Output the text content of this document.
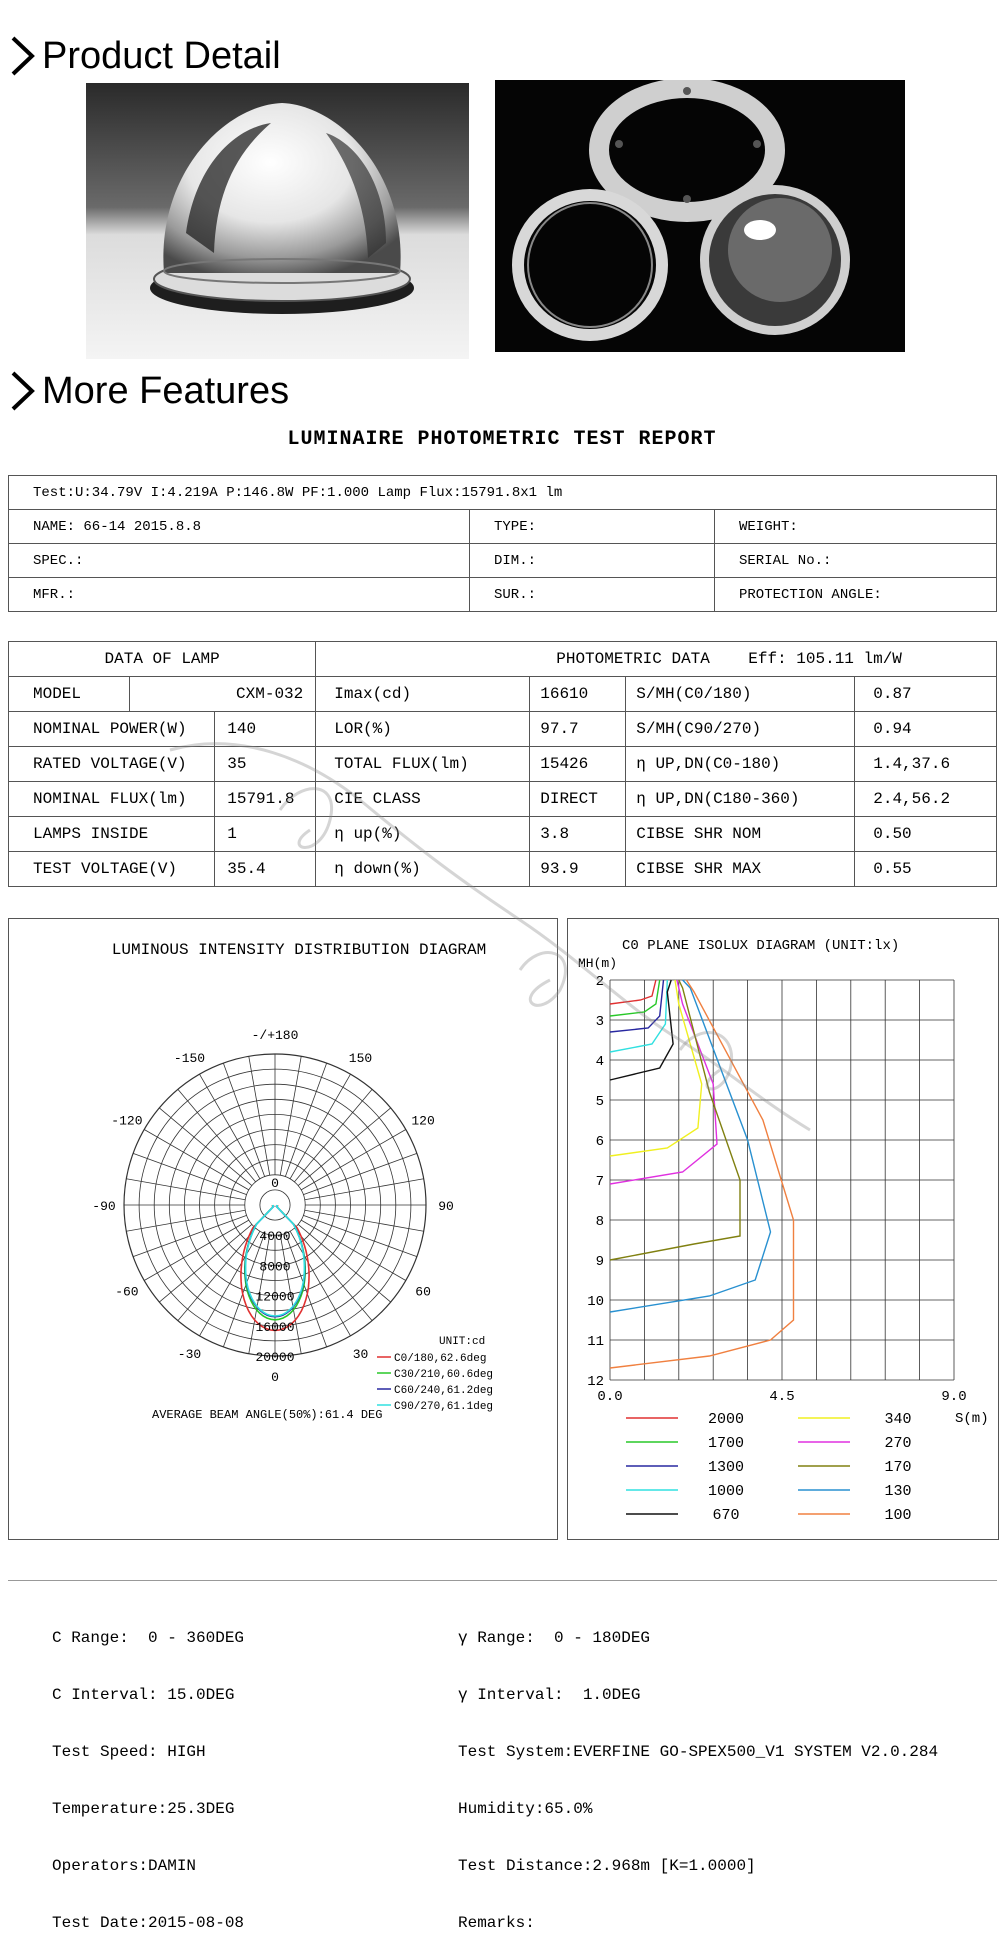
Product Detail
More Features
LUMINAIRE PHOTOMETRIC TEST REPORT
Test:U:34.79V I:4.219A P:146.8W PF:1.000 Lamp Flux:15791.8x1 lm		
NAME: 66-14 2015.8.8	TYPE:	WEIGHT:
SPEC.:	DIM.:	SERIAL No.:
MFR.:	SUR.:	PROTECTION ANGLE:
DATA OF LAMP			PHOTOMETRIC DATA Eff: 105.11 lm/W			
MODEL	CXM-032		Imax(cd)	16610	S/MH(C0/180)	0.87
NOMINAL POWER(W)		140	LOR(%)	97.7	S/MH(C90/270)	0.94
RATED VOLTAGE(V)		35	TOTAL FLUX(lm)	15426	η UP,DN(C0-180)	1.4,37.6
NOMINAL FLUX(lm)		15791.8	CIE CLASS	DIRECT	η UP,DN(C180-360)	2.4,56.2
LAMPS INSIDE		1	η up(%)	3.8	CIBSE SHR NOM	0.50
TEST VOLTAGE(V)		35.4	η down(%)	93.9	CIBSE SHR MAX	0.55
LUMINOUS INTENSITY DISTRIBUTION DIAGRAM
-/+180
-150	150
-120	120
-90	90
-60	60
-30	30
0
0
4000
8000
12000
16000
20000
UNIT:cd
C0/180,62.6deg
C30/210,60.6deg
C60/240,61.2deg
C90/270,61.1deg
AVERAGE BEAM ANGLE(50%):61.4 DEG
C0 PLANE ISOLUX DIAGRAM (UNIT:lx)
MH(m)
S(m)
2
3
4
5
6
7
8
9
10
11
12
0.0	4.5	9.0
2000
1700
1300
1000
670
340
270
170
130
100

C Range:  0 - 360DEG

C Interval: 15.0DEG

Test Speed: HIGH

Temperature:25.3DEG

Operators:DAMIN

Test Date:2015-08-08

γ Range:  0 - 180DEG

γ Interval:  1.0DEG

Test System:EVERFINE GO-SPEX500_V1 SYSTEM V2.0.284

Humidity:65.0%

Test Distance:2.968m [K=1.0000]

Remarks:
